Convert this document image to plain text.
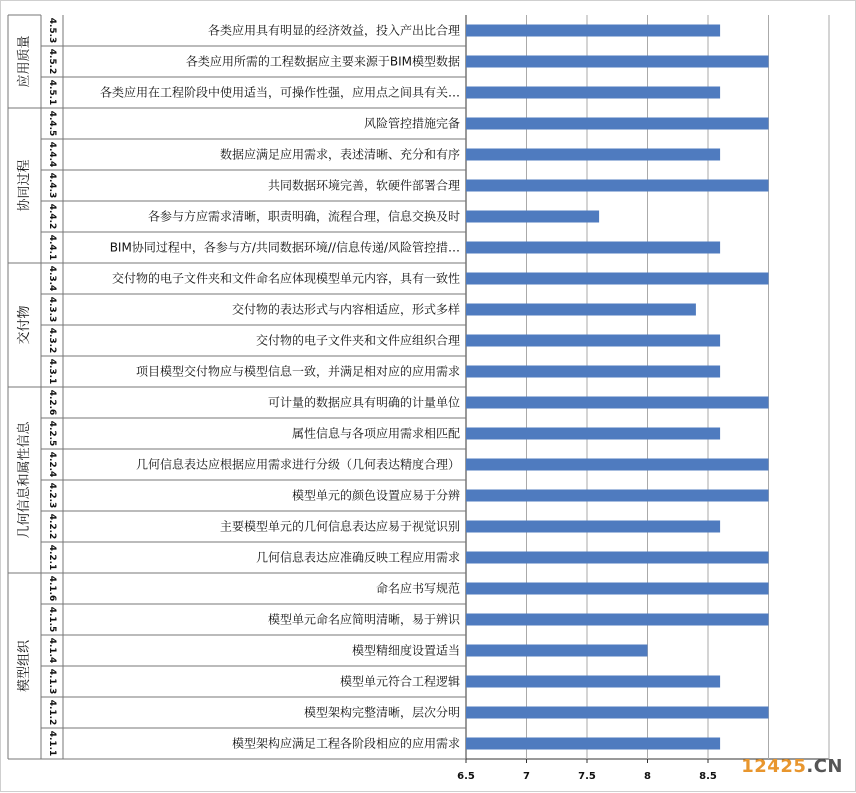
4.5.3	各类应用具有明显的经济效益，投入产出比合理
4.5.2	各类应用所需的工程数据应主要来源于BIM模型数据
4.5.1	各类应用在工程阶段中使用适当，可操作性强，应用点之间具有关…
4.4.5	风险管控措施完备
4.4.4	数据应满足应用需求，表述清晰、充分和有序
4.4.3	共同数据环境完善，软硬件部署合理
4.4.2	各参与方应需求清晰，职责明确，流程合理，信息交换及时
4.4.1	BIM协同过程中，各参与方/共同数据环境//信息传递/风险管控措…
4.3.4	交付物的电子文件夹和文件命名应体现模型单元内容，具有一致性
4.3.3	交付物的表达形式与内容相适应，形式多样
4.3.2	交付物的电子文件夹和文件应组织合理
4.3.1	项目模型交付物应与模型信息一致，并满足相对应的应用需求
4.2.6	可计量的数据应具有明确的计量单位
4.2.5	属性信息与各项应用需求相匹配
4.2.4	几何信息表达应根据应用需求进行分级（几何表达精度合理）
4.2.3	模型单元的颜色设置应易于分辨
4.2.2	主要模型单元的几何信息表达应易于视觉识别
4.2.1	几何信息表达应准确反映工程应用需求
4.1.6	命名应书写规范
4.1.5	模型单元命名应简明清晰，易于辨识
4.1.4	模型精细度设置适当
4.1.3	模型单元符合工程逻辑
4.1.2	模型架构完整清晰，层次分明
4.1.1	模型架构应满足工程各阶段相应的应用需求
应用质量
协同过程
交付物
几何信息和属性信息
模型组织
6.5	7	7.5	8	8.5 12425.CN
